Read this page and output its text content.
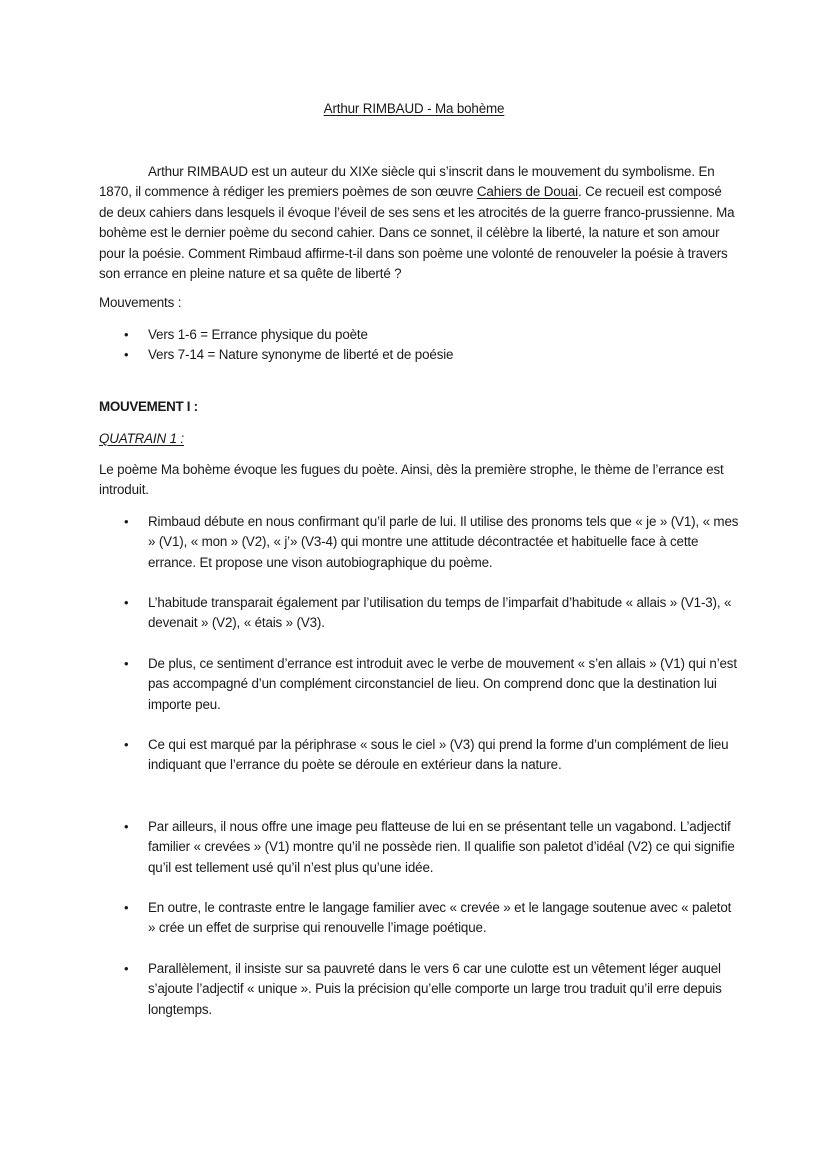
Arthur RIMBAUD - Ma bohème

Arthur RIMBAUD est un auteur du XIXe siècle qui s’inscrit dans le mouvement du symbolisme. En 1870, il commence à rédiger les premiers poèmes de son œuvre Cahiers de Douai. Ce recueil est composé de deux cahiers dans lesquels il évoque l’éveil de ses sens et les atrocités de la guerre franco-prussienne. Ma bohème est le dernier poème du second cahier. Dans ce sonnet, il célèbre la liberté, la nature et son amour pour la poésie. Comment Rimbaud affirme-t-il dans son poème une volonté de renouveler la poésie à travers son errance en pleine nature et sa quête de liberté ?

Mouvements :
• Vers 1-6 = Errance physique du poète
• Vers 7-14 = Nature synonyme de liberté et de poésie
MOUVEMENT I :
QUATRAIN 1 :

Le poème Ma bohème évoque les fugues du poète. Ainsi, dès la première strophe, le thème de l’errance est introduit.

• Rimbaud débute en nous confirmant qu’il parle de lui. Il utilise des pronoms tels que « je » (V1), « mes » (V1), « mon » (V2), « j’» (V3-4) qui montre une attitude décontractée et habituelle face à cette errance. Et propose une vison autobiographique du poème.
• L’habitude transparait également par l’utilisation du temps de l’imparfait d’habitude « allais » (V1-3), « devenait » (V2), « étais » (V3).
• De plus, ce sentiment d’errance est introduit avec le verbe de mouvement « s’en allais » (V1) qui n’est pas accompagné d’un complément circonstanciel de lieu. On comprend donc que la destination lui importe peu.
• Ce qui est marqué par la périphrase « sous le ciel » (V3) qui prend la forme d’un complément de lieu indiquant que l’errance du poète se déroule en extérieur dans la nature.
• Par ailleurs, il nous offre une image peu flatteuse de lui en se présentant telle un vagabond. L’adjectif familier « crevées » (V1) montre qu’il ne possède rien. Il qualifie son paletot d’idéal (V2) ce qui signifie qu’il est tellement usé qu’il n’est plus qu’une idée.
• En outre, le contraste entre le langage familier avec « crevée » et le langage soutenue avec « paletot » crée un effet de surprise qui renouvelle l’image poétique.
• Parallèlement, il insiste sur sa pauvreté dans le vers 6 car une culotte est un vêtement léger auquel s’ajoute l’adjectif « unique ». Puis la précision qu’elle comporte un large trou traduit qu’il erre depuis longtemps.
